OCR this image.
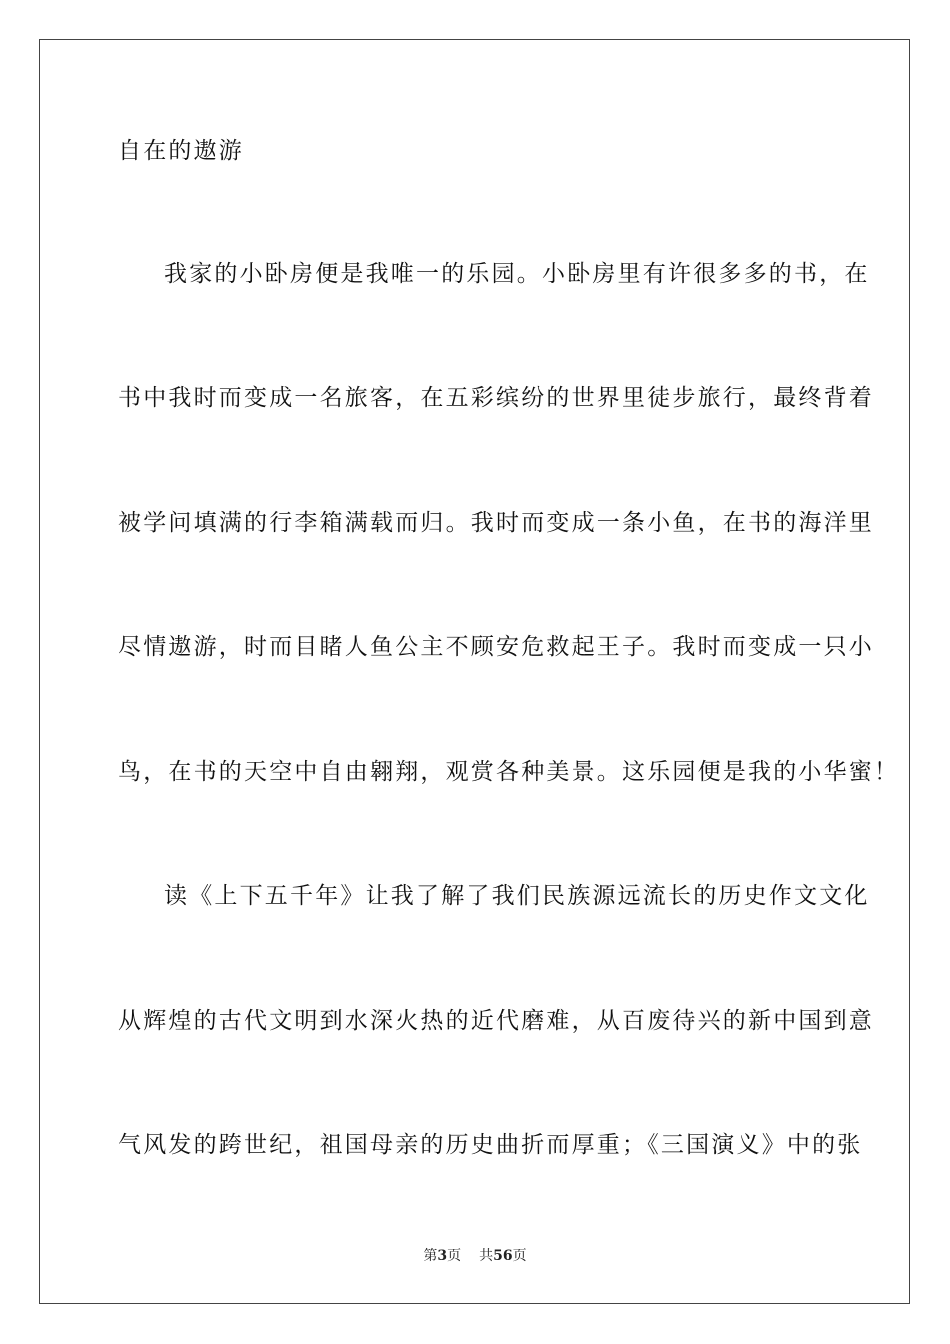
自在的遨游
我家的小卧房便是我唯一的乐园。小卧房里有许很多多的书，在
书中我时而变成一名旅客，在五彩缤纷的世界里徒步旅行，最终背着
被学问填满的行李箱满载而归。我时而变成一条小鱼，在书的海洋里
尽情遨游，时而目睹人鱼公主不顾安危救起王子。我时而变成一只小
鸟，在书的天空中自由翱翔，观赏各种美景。这乐园便是我的小华蜜！
读《上下五千年》让我了解了我们民族源远流长的历史作文文化
从辉煌的古代文明到水深火热的近代磨难，从百废待兴的新中国到意
气风发的跨世纪，祖国母亲的历史曲折而厚重；《三国演义》中的张
第3页 共56页
